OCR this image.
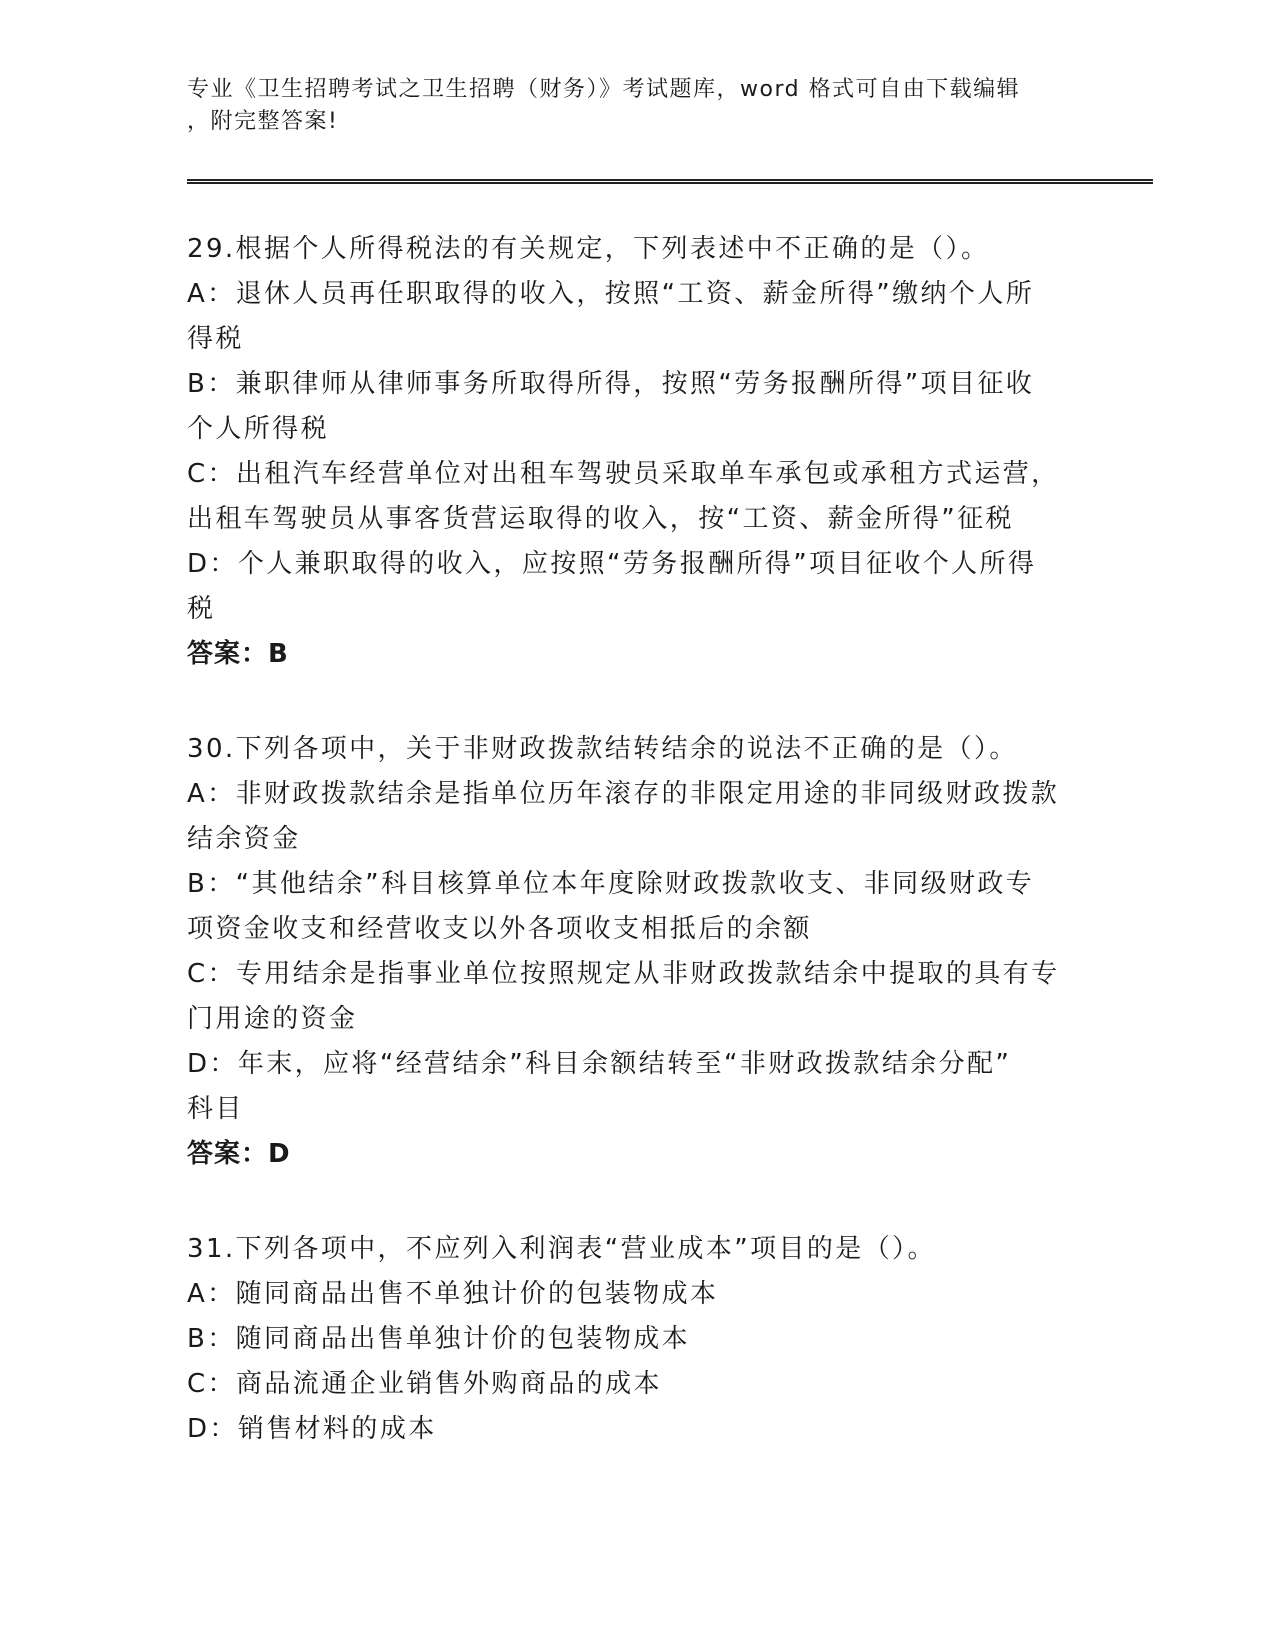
专业《卫生招聘考试之卫生招聘（财务）》考试题库，word 格式可自由下载编辑
，附完整答案!
29.根据个人所得税法的有关规定，下列表述中不正确的是（）。
A：退休人员再任职取得的收入，按照“工资、薪金所得”缴纳个人所
得税
B：兼职律师从律师事务所取得所得，按照“劳务报酬所得”项目征收
个人所得税
C：出租汽车经营单位对出租车驾驶员采取单车承包或承租方式运营，
出租车驾驶员从事客货营运取得的收入，按“工资、薪金所得”征税
D：个人兼职取得的收入，应按照“劳务报酬所得”项目征收个人所得
税
答案：B
30.下列各项中，关于非财政拨款结转结余的说法不正确的是（）。
A：非财政拨款结余是指单位历年滚存的非限定用途的非同级财政拨款
结余资金
B：“其他结余”科目核算单位本年度除财政拨款收支、非同级财政专
项资金收支和经营收支以外各项收支相抵后的余额
C：专用结余是指事业单位按照规定从非财政拨款结余中提取的具有专
门用途的资金
D：年末，应将“经营结余”科目余额结转至“非财政拨款结余分配”
科目
答案：D
31.下列各项中，不应列入利润表“营业成本”项目的是（）。
A：随同商品出售不单独计价的包装物成本
B：随同商品出售单独计价的包装物成本
C：商品流通企业销售外购商品的成本
D：销售材料的成本
